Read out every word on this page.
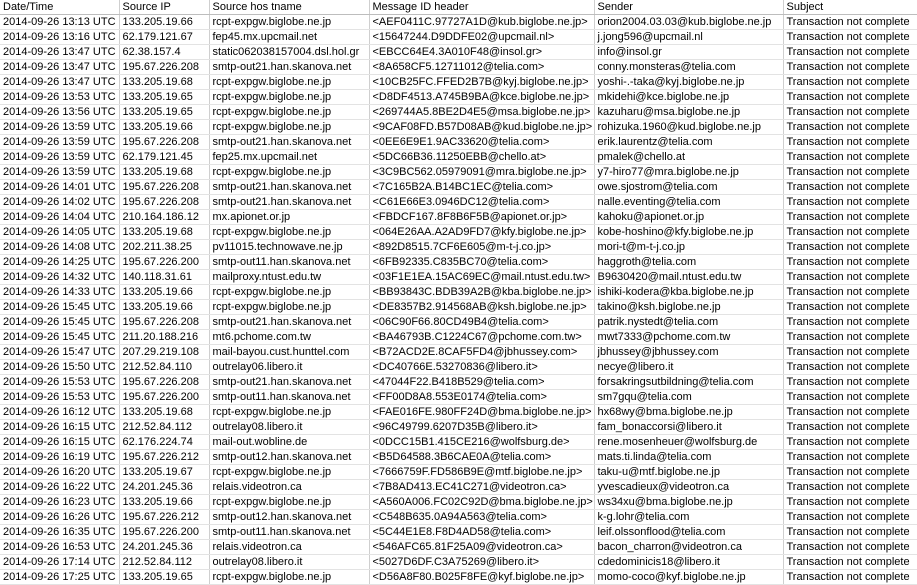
Date/Time	Source IP	Source hos tname	Message ID header	Sender	Subject
2014-09-26 13:13 UTC	133.205.19.66	rcpt-expgw.biglobe.ne.jp	<AEF0411C.97727A1D@kub.biglobe.ne.jp>	orion2004.03.03@kub.biglobe.ne.jp	Transaction not complete
2014-09-26 13:16 UTC	62.179.121.67	fep45.mx.upcmail.net	<15647244.D9DDFE02@upcmail.nl>	j.jong596@upcmail.nl	Transaction not complete
2014-09-26 13:47 UTC	62.38.157.4	static062038157004.dsl.hol.gr	<EBCC64E4.3A010F48@insol.gr>	info@insol.gr	Transaction not complete
2014-09-26 13:47 UTC	195.67.226.208	smtp-out21.han.skanova.net	<8A658CF5.12711012@telia.com>	conny.monsteras@telia.com	Transaction not complete
2014-09-26 13:47 UTC	133.205.19.68	rcpt-expgw.biglobe.ne.jp	<10CB25FC.FFED2B7B@kyj.biglobe.ne.jp>	yoshi-.-taka@kyj.biglobe.ne.jp	Transaction not complete
2014-09-26 13:53 UTC	133.205.19.65	rcpt-expgw.biglobe.ne.jp	<D8DF4513.A745B9BA@kce.biglobe.ne.jp>	mkidehi@kce.biglobe.ne.jp	Transaction not complete
2014-09-26 13:56 UTC	133.205.19.65	rcpt-expgw.biglobe.ne.jp	<269744A5.8BE2D4E5@msa.biglobe.ne.jp>	kazuharu@msa.biglobe.ne.jp	Transaction not complete
2014-09-26 13:59 UTC	133.205.19.66	rcpt-expgw.biglobe.ne.jp	<9CAF08FD.B57D08AB@kud.biglobe.ne.jp>	rohizuka.1960@kud.biglobe.ne.jp	Transaction not complete
2014-09-26 13:59 UTC	195.67.226.208	smtp-out21.han.skanova.net	<0EE6E9E1.9AC33620@telia.com>	erik.laurentz@telia.com	Transaction not complete
2014-09-26 13:59 UTC	62.179.121.45	fep25.mx.upcmail.net	<5DC66B36.11250EBB@chello.at>	pmalek@chello.at	Transaction not complete
2014-09-26 13:59 UTC	133.205.19.68	rcpt-expgw.biglobe.ne.jp	<3C9BC562.05979091@mra.biglobe.ne.jp>	y7-hiro77@mra.biglobe.ne.jp	Transaction not complete
2014-09-26 14:01 UTC	195.67.226.208	smtp-out21.han.skanova.net	<7C165B2A.B14BC1EC@telia.com>	owe.sjostrom@telia.com	Transaction not complete
2014-09-26 14:02 UTC	195.67.226.208	smtp-out21.han.skanova.net	<C61E66E3.0946DC12@telia.com>	nalle.eventing@telia.com	Transaction not complete
2014-09-26 14:04 UTC	210.164.186.12	mx.apionet.or.jp	<FBDCF167.8F8B6F5B@apionet.or.jp>	kahoku@apionet.or.jp	Transaction not complete
2014-09-26 14:05 UTC	133.205.19.68	rcpt-expgw.biglobe.ne.jp	<064E26AA.A2AD9FD7@kfy.biglobe.ne.jp>	kobe-hoshino@kfy.biglobe.ne.jp	Transaction not complete
2014-09-26 14:08 UTC	202.211.38.25	pv11015.technowave.ne.jp	<892D8515.7CF6E605@m-t-j.co.jp>	mori-t@m-t-j.co.jp	Transaction not complete
2014-09-26 14:25 UTC	195.67.226.200	smtp-out11.han.skanova.net	<6FB92335.C835BC70@telia.com>	haggroth@telia.com	Transaction not complete
2014-09-26 14:32 UTC	140.118.31.61	mailproxy.ntust.edu.tw	<03F1E1EA.15AC69EC@mail.ntust.edu.tw>	B9630420@mail.ntust.edu.tw	Transaction not complete
2014-09-26 14:33 UTC	133.205.19.66	rcpt-expgw.biglobe.ne.jp	<BB93843C.BDB39A2B@kba.biglobe.ne.jp>	ishiki-kodera@kba.biglobe.ne.jp	Transaction not complete
2014-09-26 15:45 UTC	133.205.19.66	rcpt-expgw.biglobe.ne.jp	<DE8357B2.914568AB@ksh.biglobe.ne.jp>	takino@ksh.biglobe.ne.jp	Transaction not complete
2014-09-26 15:45 UTC	195.67.226.208	smtp-out21.han.skanova.net	<06C90F66.80CD49B4@telia.com>	patrik.nystedt@telia.com	Transaction not complete
2014-09-26 15:45 UTC	211.20.188.216	mt6.pchome.com.tw	<BA46793B.C1224C67@pchome.com.tw>	mwt7333@pchome.com.tw	Transaction not complete
2014-09-26 15:47 UTC	207.29.219.108	mail-bayou.cust.hunttel.com	<B72ACD2E.8CAF5FD4@jbhussey.com>	jbhussey@jbhussey.com	Transaction not complete
2014-09-26 15:50 UTC	212.52.84.110	outrelay06.libero.it	<DC40766E.53270836@libero.it>	necye@libero.it	Transaction not complete
2014-09-26 15:53 UTC	195.67.226.208	smtp-out21.han.skanova.net	<47044F22.B418B529@telia.com>	forsakringsutbildning@telia.com	Transaction not complete
2014-09-26 15:53 UTC	195.67.226.200	smtp-out11.han.skanova.net	<FF00D8A8.553E0174@telia.com>	sm7gqu@telia.com	Transaction not complete
2014-09-26 16:12 UTC	133.205.19.68	rcpt-expgw.biglobe.ne.jp	<FAE016FE.980FF24D@bma.biglobe.ne.jp>	hx68wy@bma.biglobe.ne.jp	Transaction not complete
2014-09-26 16:15 UTC	212.52.84.112	outrelay08.libero.it	<96C49799.6207D35B@libero.it>	fam_bonaccorsi@libero.it	Transaction not complete
2014-09-26 16:15 UTC	62.176.224.74	mail-out.wobline.de	<0DCC15B1.415CE216@wolfsburg.de>	rene.mosenheuer@wolfsburg.de	Transaction not complete
2014-09-26 16:19 UTC	195.67.226.212	smtp-out12.han.skanova.net	<B5D64588.3B6CAE0A@telia.com>	mats.ti.linda@telia.com	Transaction not complete
2014-09-26 16:20 UTC	133.205.19.67	rcpt-expgw.biglobe.ne.jp	<7666759F.FD586B9E@mtf.biglobe.ne.jp>	taku-u@mtf.biglobe.ne.jp	Transaction not complete
2014-09-26 16:22 UTC	24.201.245.36	relais.videotron.ca	<7B8AD413.EC41C271@videotron.ca>	yvescadieux@videotron.ca	Transaction not complete
2014-09-26 16:23 UTC	133.205.19.66	rcpt-expgw.biglobe.ne.jp	<A560A006.FC02C92D@bma.biglobe.ne.jp>	ws34xu@bma.biglobe.ne.jp	Transaction not complete
2014-09-26 16:26 UTC	195.67.226.212	smtp-out12.han.skanova.net	<C548B635.0A94A563@telia.com>	k-g.lohr@telia.com	Transaction not complete
2014-09-26 16:35 UTC	195.67.226.200	smtp-out11.han.skanova.net	<5C44E1E8.F8D4AD58@telia.com>	leif.olssonflood@telia.com	Transaction not complete
2014-09-26 16:53 UTC	24.201.245.36	relais.videotron.ca	<546AFC65.81F25A09@videotron.ca>	bacon_charron@videotron.ca	Transaction not complete
2014-09-26 17:14 UTC	212.52.84.112	outrelay08.libero.it	<5027D6DF.C3A75269@libero.it>	cdedominicis18@libero.it	Transaction not complete
2014-09-26 17:25 UTC	133.205.19.65	rcpt-expgw.biglobe.ne.jp	<D56A8F80.B025F8FE@kyf.biglobe.ne.jp>	momo-coco@kyf.biglobe.ne.jp	Transaction not complete
